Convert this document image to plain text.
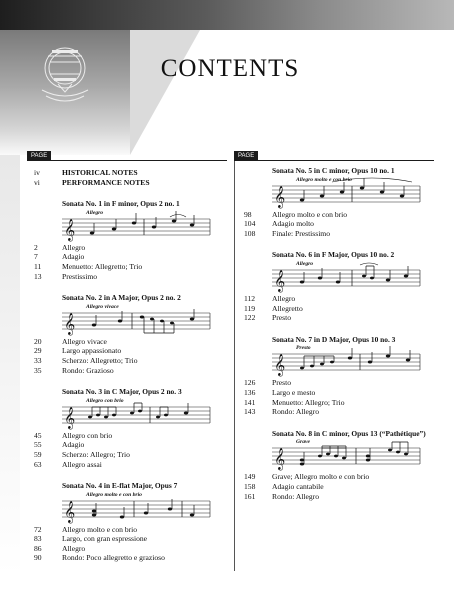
CONTENTS
PAGE	PAGE
iv	HISTORICAL NOTES
vi	PERFORMANCE NOTES
Sonata No. 1 in F minor, Opus 2 no. 1
Allegro
𝄞
2	Allegro
7	Adagio
11	Menuetto: Allegretto; Trio
13	Prestissimo
Sonata No. 2 in A Major, Opus 2 no. 2
Allegro vivace
𝄞
20	Allegro vivace
29	Largo appassionato
33	Scherzo: Allegretto; Trio
35	Rondo: Grazioso
Sonata No. 3 in C Major, Opus 2 no. 3
Allegro con brio
𝄞
45	Allegro con brio
55	Adagio
59	Scherzo: Allegro; Trio
63	Allegro assai
Sonata No. 4 in E-flat Major, Opus 7
Allegro molto e con brio
𝄞
72	Allegro molto e con brio
83	Largo, con gran espressione
86	Allegro
90	Rondo: Poco allegretto e grazioso
Sonata No. 5 in C minor, Opus 10 no. 1
Allegro molto e con brio
𝄞
98	Allegro molto e con brio
104	Adagio molto
108	Finale: Prestissimo
Sonata No. 6 in F Major, Opus 10 no. 2
Allegro
𝄞
112	Allegro
119	Allegretto
122	Presto
Sonata No. 7 in D Major, Opus 10 no. 3
Presto
𝄞
126	Presto
136	Largo e mesto
141	Menuetto: Allegro; Trio
143	Rondo: Allegro
Sonata No. 8 in C minor, Opus 13 (“Pathétique”)
Grave
𝄞
149	Grave; Allegro molto e con brio
158	Adagio cantabile
161	Rondo: Allegro
